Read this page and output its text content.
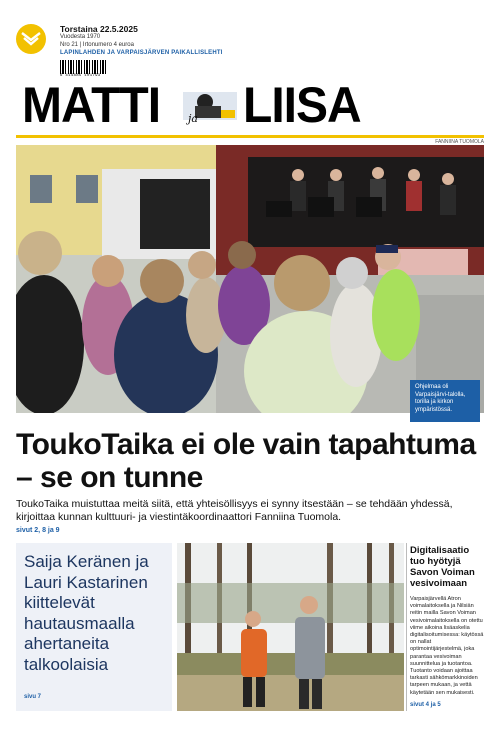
Torstaina 22.5.2025
Vuodesta 1970
Nro 21 | Irtonumero 4 euroa
LAPINLAHDEN JA VARPAISJÄRVEN PAIKALLISLEHTI
6 414885 101793
MATTI	ja LIISA
FANNIINA TUOMOLA
Ohjelmaa oli Varpaisjärvi-talolla, torilla ja kirkon ympäristössä.
ToukoTaika ei ole vain tapahtuma – se on tunne
ToukoTaika muistuttaa meitä siitä, että yhteisöllisyys ei synny itsestään – se tehdään yhdessä, kirjoittaa kunnan kulttuuri- ja viestintäkoordinaattori Fanniina Tuomola.
sivut 2, 8 ja 9
Saija Keränen ja Lauri Kastarinen kiittelevät hautausmaalla ahertaneita talkoolaisia
sivu 7
Digitalisaatio tuo hyötyjä Savon Voiman vesivoimaan
Varpaisjärvellä Atron voimalaitoksella ja Nilsiän reitin mailla Savon Voiman vesivoimalaitoksella on otettu viime aikoina lisäaskelia digitalisoitumisessa: käytössä on nallat optimointijärjestelmä, joka parantaa vesivoiman suunnittelua ja tuotantoa. Tuotanto voidaan ajoittaa tarkasti sähkömarkkinoiden tarpeen mukaan, ja vettä käytetään sen mukaisesti.
sivut 4 ja 5
